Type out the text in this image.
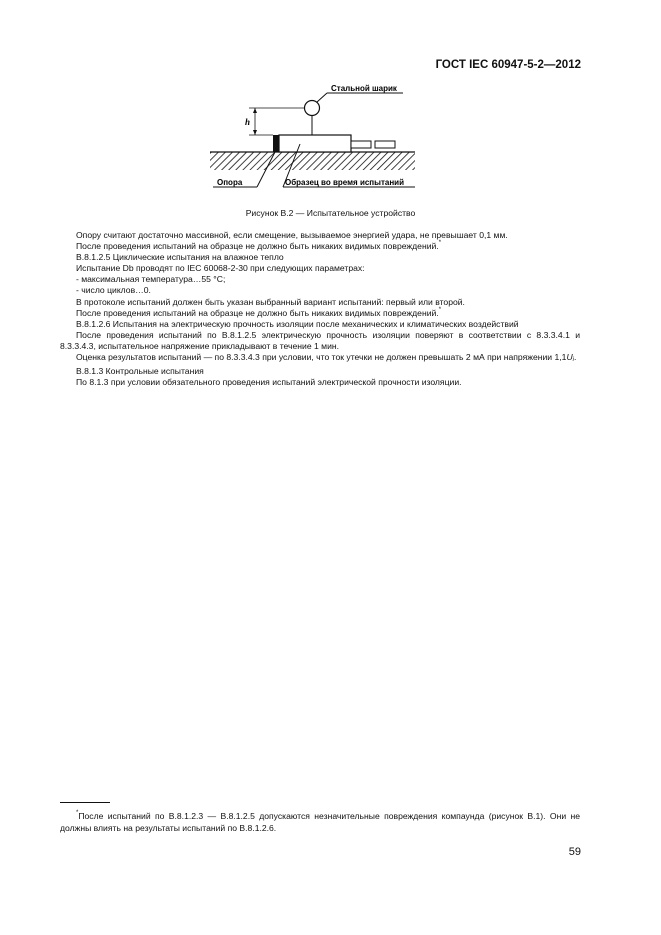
ГОСТ IEC 60947-5-2—2012
Стальной шарик
h
Опора	Образец во время испытаний
Рисунок В.2 — Испытательное устройство

Опору считают достаточно массивной, если смещение, вызываемое энергией удара, не превышает 0,1 мм.

После проведения испытаний на образце не должно быть никаких видимых повреждений.*

В.8.1.2.5 Циклические испытания на влажное тепло

Испытание Db проводят по IEC 60068-2-30 при следующих параметрах:

- максимальная температура…55 °С;

- число циклов…0.

В протоколе испытаний должен быть указан выбранный вариант испытаний: первый или второй.

После проведения испытаний на образце не должно быть никаких видимых повреждений.*

В.8.1.2.6 Испытания на электрическую прочность изоляции после механических и климатических воздействий

После проведения испытаний по В.8.1.2.5 электрическую прочность изоляции поверяют в соответствии с 8.3.3.4.1 и 8.3.3.4.3, испытательное напряжение прикладывают в течение 1 мин.

Оценка результатов испытаний — по 8.3.3.4.3 при условии, что ток утечки не должен превышать 2 мА при напряжении 1,1Ui.

В.8.1.3 Контрольные испытания

По 8.1.3 при условии обязательного проведения испытаний электрической прочности изоляции.

*После испытаний по В.8.1.2.3 — В.8.1.2.5 допускаются незначительные повреждения компаунда (рисунок В.1). Они не должны влиять на результаты испытаний по В.8.1.2.6.

59
